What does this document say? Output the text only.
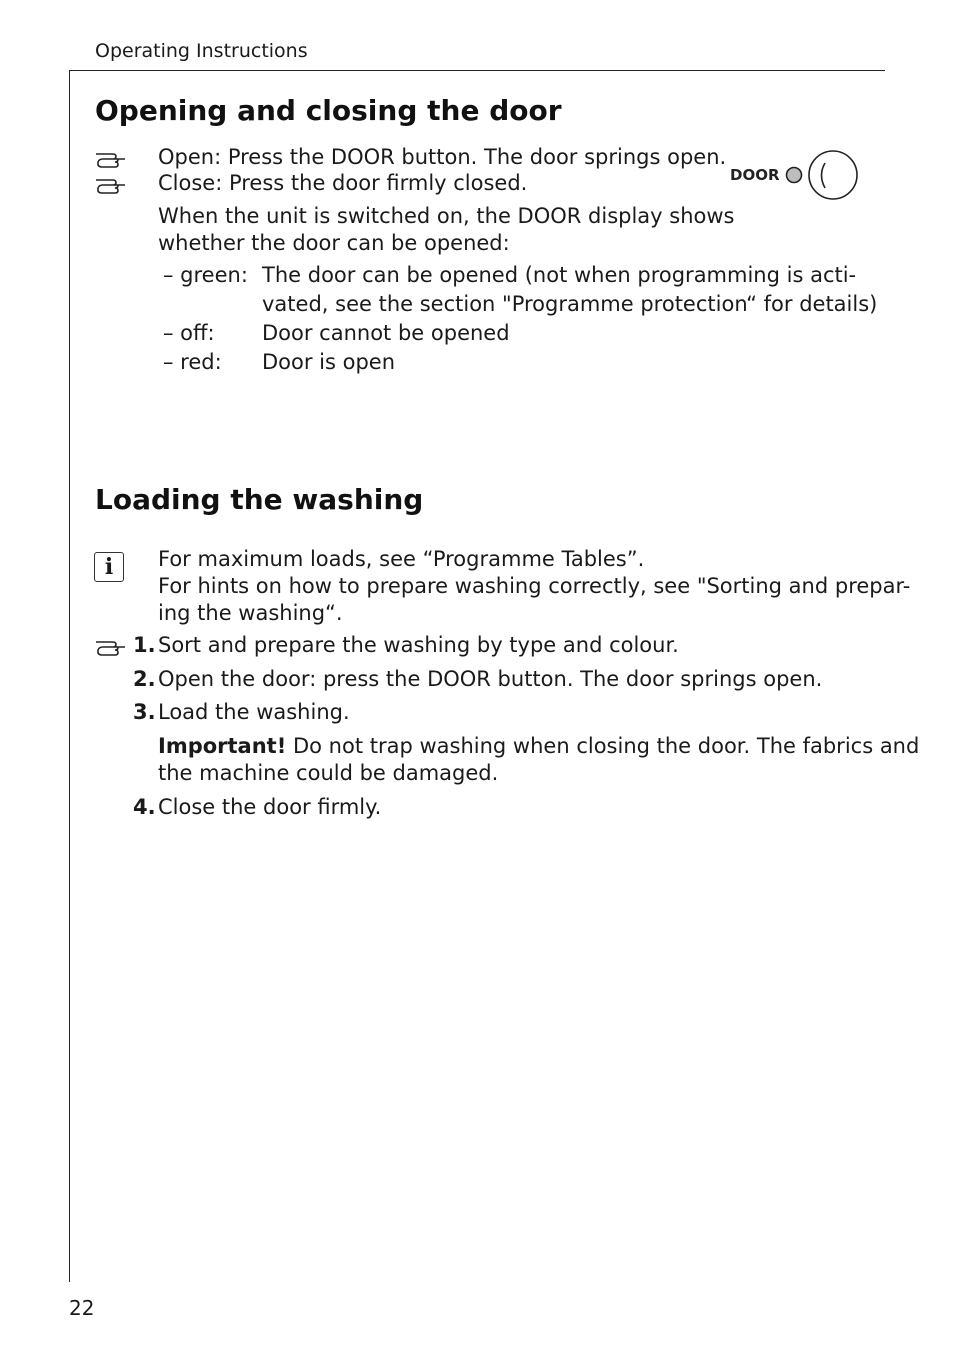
Operating Instructions
Opening and closing the door
Open: Press the DOOR button. The door springs open.
Close: Press the door firmly closed.	DOOR
When the unit is switched on, the DOOR display shows
whether the door can be opened:
– green: The door can be opened (not when programming is acti-
vated, see the section "Programme protection“ for details)
– off: Door cannot be opened
– red: Door is open
Loading the washing
i	For maximum loads, see “Programme Tables”.
For hints on how to prepare washing correctly, see "Sorting and prepar-
ing the washing“.
1. Sort and prepare the washing by type and colour.
2. Open the door: press the DOOR button. The door springs open.
3. Load the washing.
Important! Do not trap washing when closing the door. The fabrics and
the machine could be damaged.
4. Close the door firmly.
22
